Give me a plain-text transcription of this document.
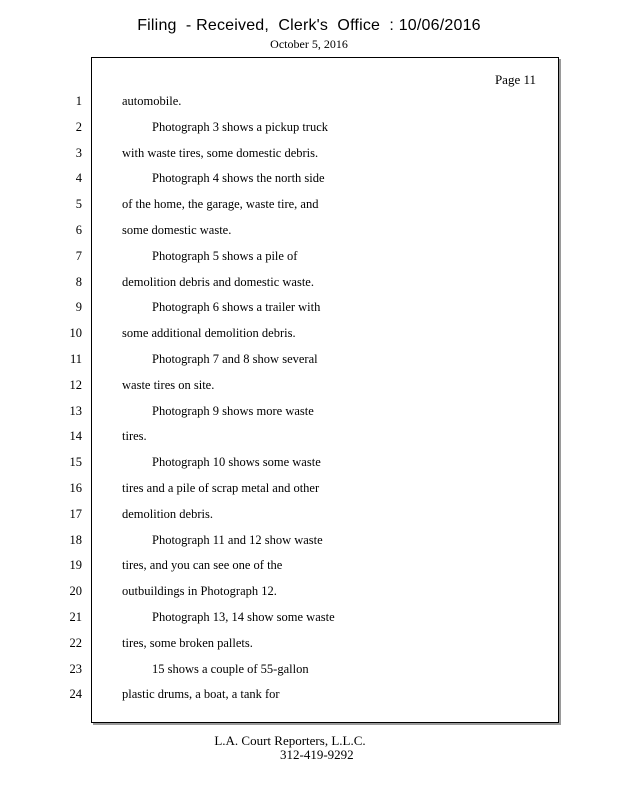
Filing  - Received,  Clerk's  Office  : 10/06/2016
October 5, 2016
Page 11
1	automobile.
2	Photograph 3 shows a pickup truck
3	with waste tires, some domestic debris.
4	Photograph 4 shows the north side
5	of the home, the garage, waste tire, and
6	some domestic waste.
7	Photograph 5 shows a pile of
8	demolition debris and domestic waste.
9	Photograph 6 shows a trailer with
10	some additional demolition debris.
11	Photograph 7 and 8 show several
12	waste tires on site.
13	Photograph 9 shows more waste
14	tires.
15	Photograph 10 shows some waste
16	tires and a pile of scrap metal and other
17	demolition debris.
18	Photograph 11 and 12 show waste
19	tires, and you can see one of the
20	outbuildings in Photograph 12.
21	Photograph 13, 14 show some waste
22	tires, some broken pallets.
23	15 shows a couple of 55-gallon
24	plastic drums, a boat, a tank for
L.A. Court Reporters, L.L.C.
312-419-9292
